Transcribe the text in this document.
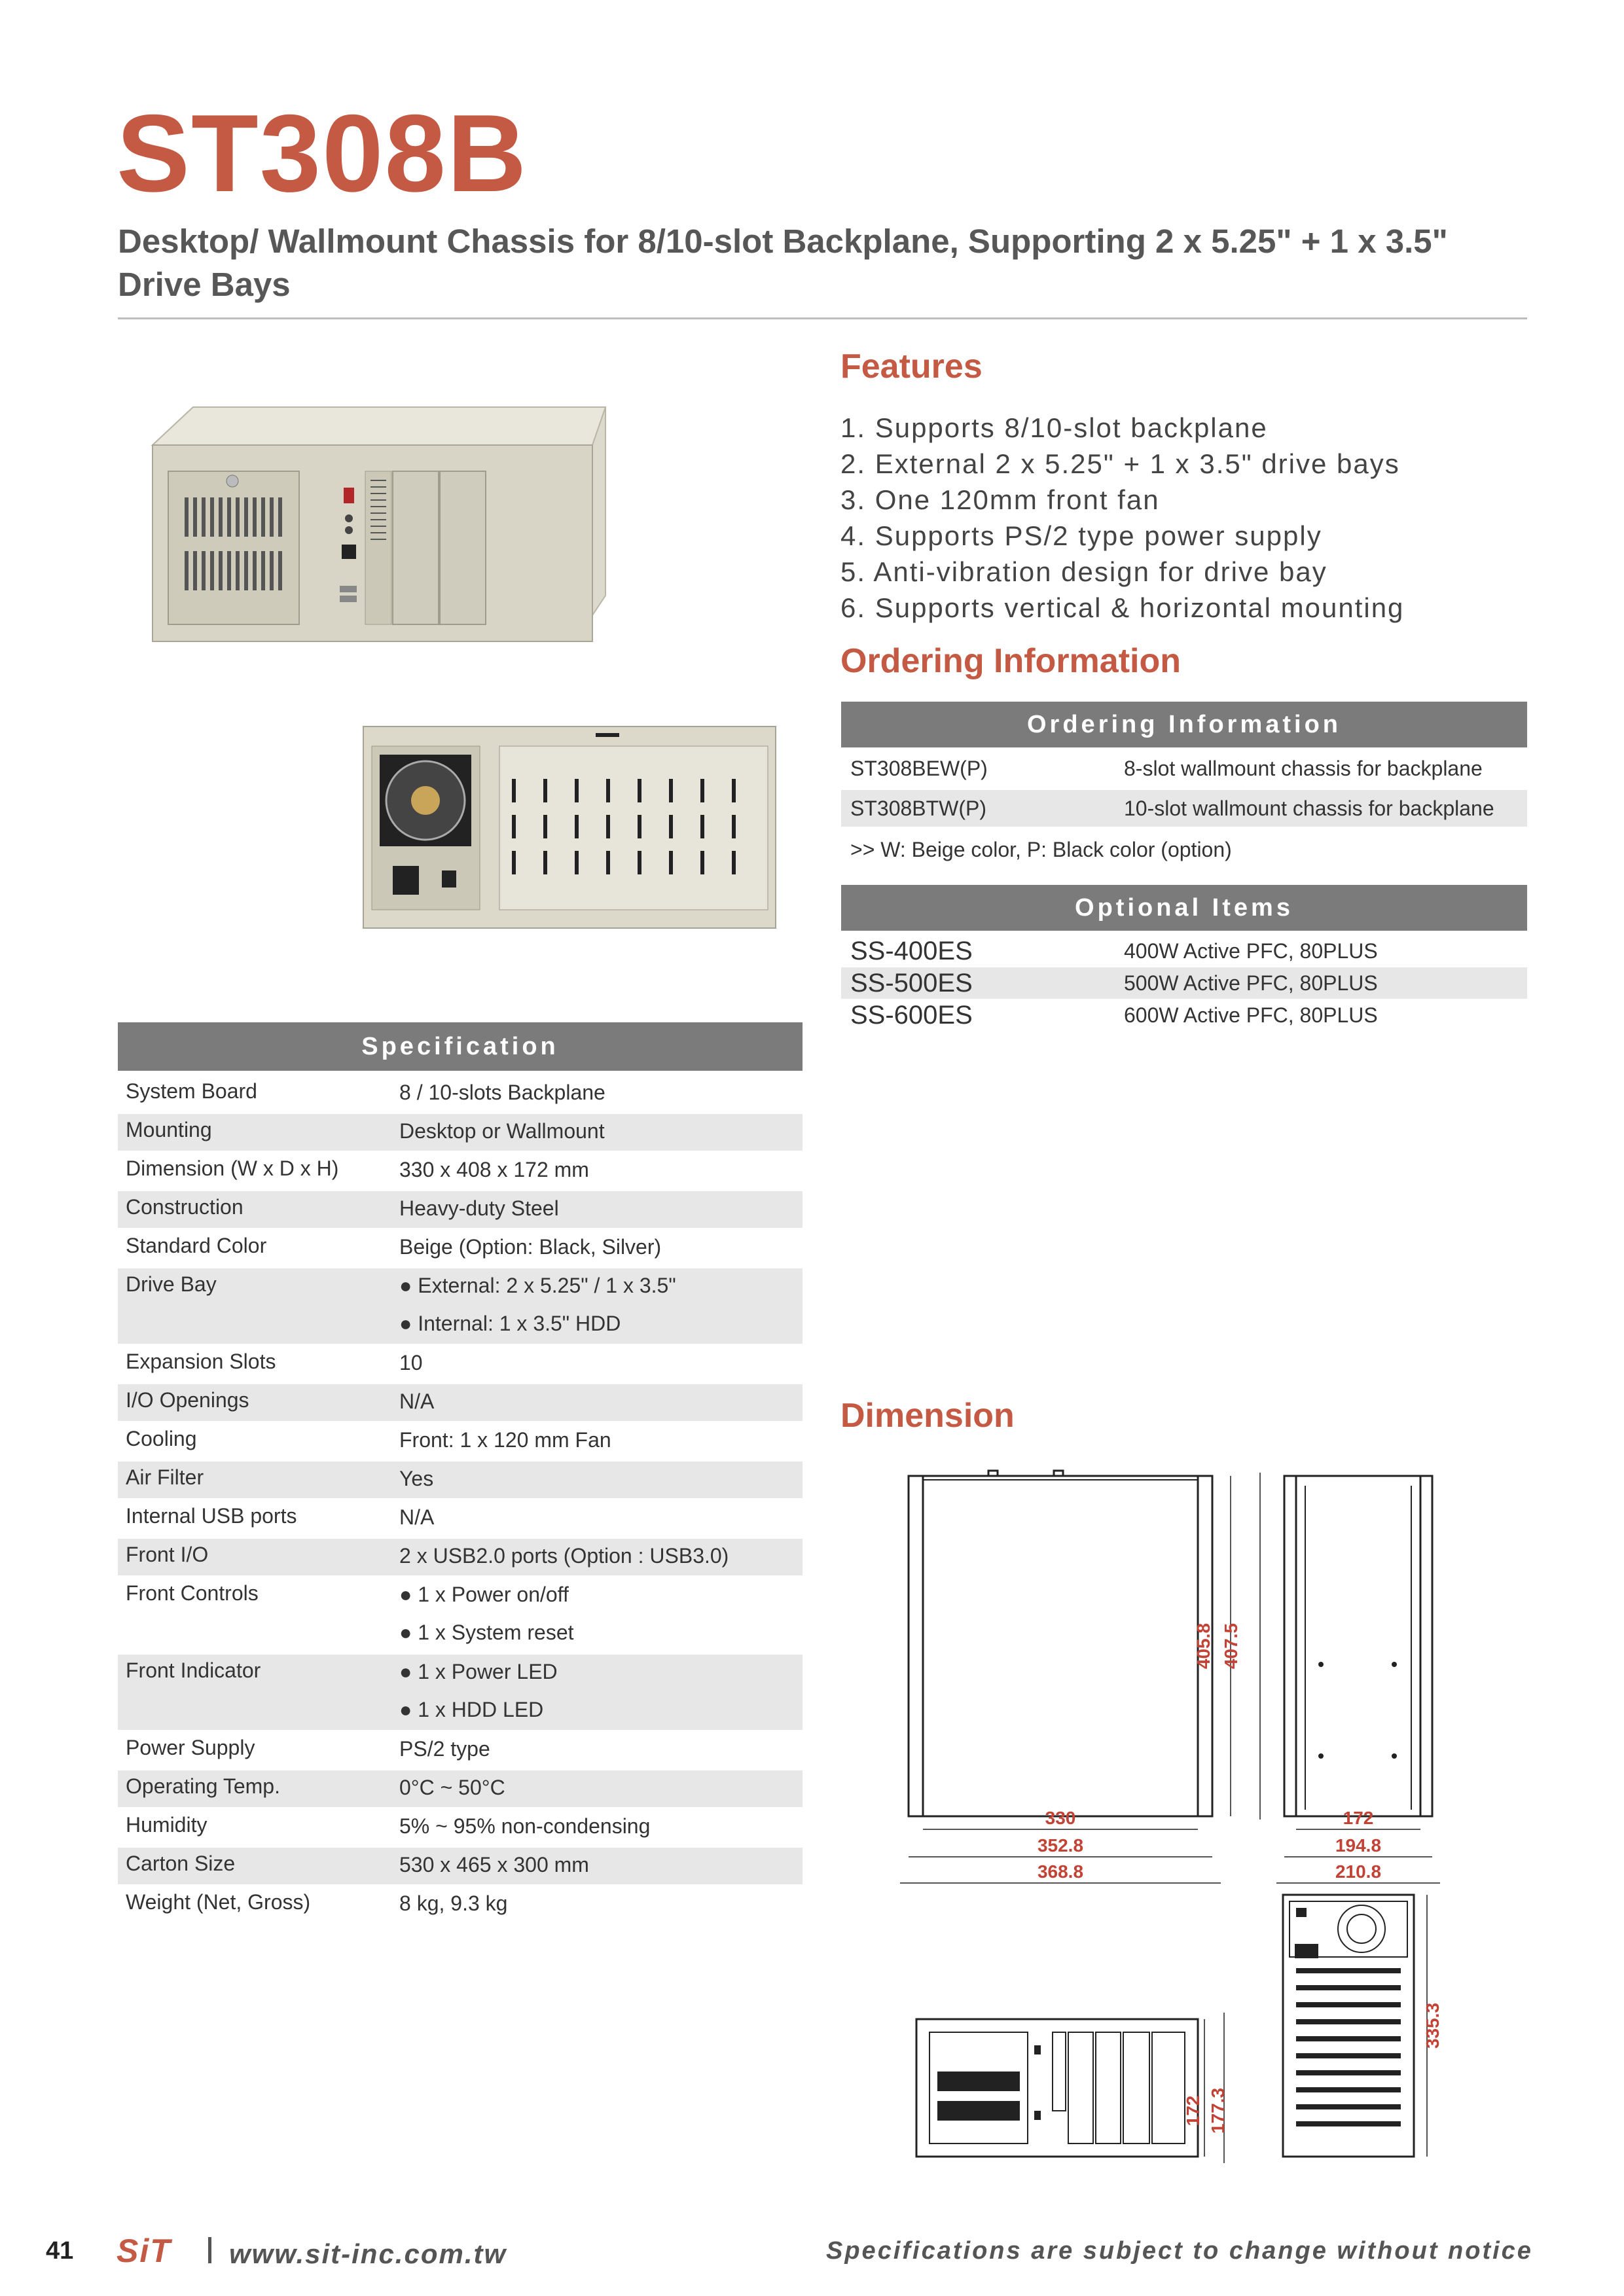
ST308B
Desktop/ Wallmount Chassis for 8/10-slot Backplane, Supporting 2 x 5.25" + 1 x 3.5" Drive Bays
Features
1. Supports 8/10-slot backplane
2. External 2 x 5.25" + 1 x 3.5" drive bays
3. One 120mm front fan
4. Supports PS/2 type power supply
5. Anti-vibration design for drive bay
6. Supports vertical & horizontal mounting
Ordering Information
Ordering Information
ST308BEW(P)	8-slot wallmount chassis for backplane
ST308BTW(P)	10-slot wallmount chassis for backplane
>> W: Beige color, P: Black color (option)
Optional Items
SS-400ES	400W Active PFC, 80PLUS
SS-500ES	500W Active PFC, 80PLUS
SS-600ES	600W Active PFC, 80PLUS
Specification
System Board	8 / 10-slots Backplane
Mounting	Desktop or Wallmount
Dimension (W x D x H)	330 x 408 x 172 mm
Construction	Heavy-duty Steel
Standard Color	Beige (Option: Black, Silver)
Drive Bay	● External: 2 x 5.25" / 1 x 3.5"
● Internal: 1 x 3.5" HDD
Expansion Slots	10
I/O Openings	N/A
Cooling	Front: 1 x 120 mm Fan
Air Filter	Yes
Internal USB ports	N/A
Front I/O	2 x USB2.0 ports (Option : USB3.0)
Front Controls	● 1 x Power on/off
● 1 x System reset
Front Indicator	● 1 x Power LED
● 1 x HDD LED
Power Supply	PS/2 type
Operating Temp.	0°C ~ 50°C
Humidity	5% ~ 95% non-condensing
Carton Size	530 x 465 x 300 mm
Weight (Net, Gross)	8 kg, 9.3 kg
Dimension
405.8 407.5
330
352.8
368.8
172
194.8
210.8
172 177.3
335.3
41 SiT www.sit-inc.com.tw	Specifications are subject to change without notice
